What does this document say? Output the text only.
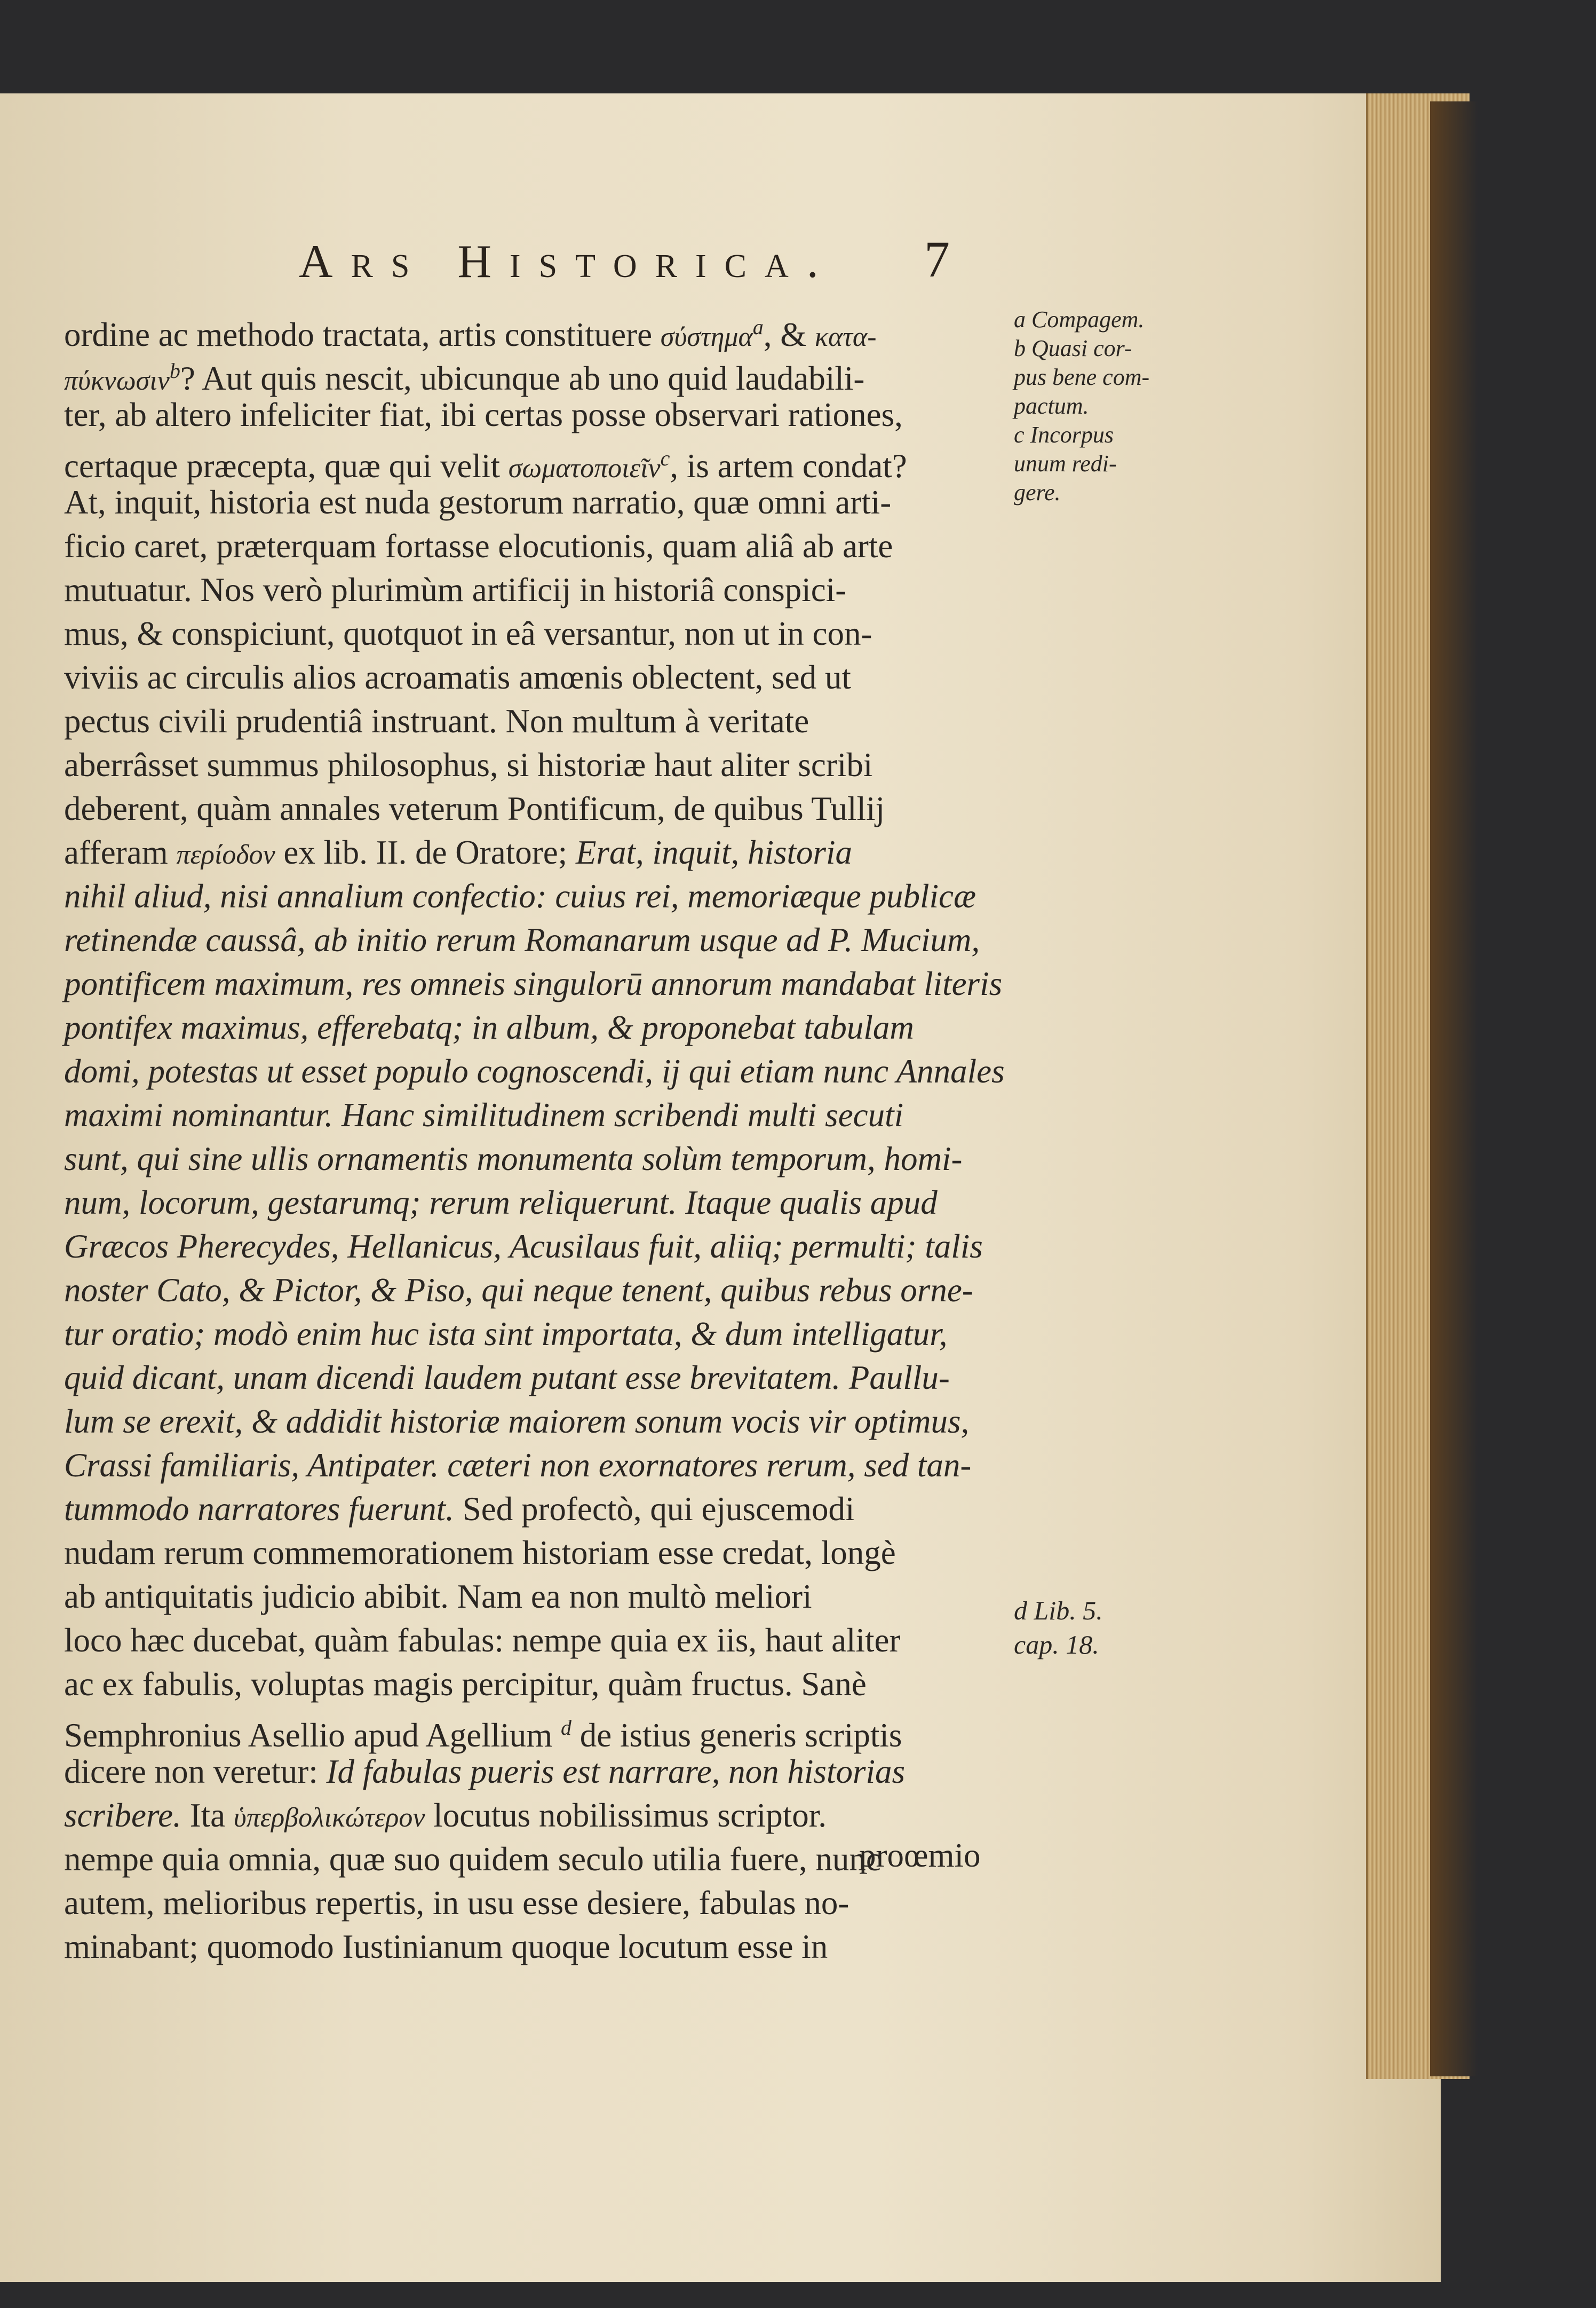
Ars Historica. 7
ordine ac methodo tractata, artis constituere σύστημα$^a$, & κατα-
πύκνωσιν$^b$? Aut quis nescit, ubicunque ab uno quid laudabili-
ter, ab altero infeliciter fiat, ibi certas posse observari rationes,
certaque præcepta, quæ qui velit σωματοποιεῖν$^c$, is artem condat?
At, inquit, historia est nuda gestorum narratio, quæ omni arti-
ficio caret, præterquam fortasse elocutionis, quam aliâ ab arte
mutuatur. Nos verò plurimùm artificij in historiâ conspici-
mus, & conspiciunt, quotquot in eâ versantur, non ut in con-
viviis ac circulis alios acroamatis amœnis oblectent, sed ut
pectus civili prudentiâ instruant. Non multum à veritate
aberrâsset summus philosophus, si historiæ haut aliter scribi
deberent, quàm annales veterum Pontificum, de quibus Tullij
afferam περίοδον ex lib. II. de Oratore; Erat, inquit, historia
nihil aliud, nisi annalium confectio: cuius rei, memoriæque publicæ
retinendæ caussâ, ab initio rerum Romanarum usque ad P. Mucium,
pontificem maximum, res omneis singulorū annorum mandabat literis
pontifex maximus, efferebatq; in album, & proponebat tabulam
domi, potestas ut esset populo cognoscendi, ij qui etiam nunc Annales
maximi nominantur. Hanc similitudinem scribendi multi secuti
sunt, qui sine ullis ornamentis monumenta solùm temporum, homi-
num, locorum, gestarumq; rerum reliquerunt. Itaque qualis apud
Græcos Pherecydes, Hellanicus, Acusilaus fuit, aliiq; permulti; talis
noster Cato, & Pictor, & Piso, qui neque tenent, quibus rebus orne-
tur oratio; modò enim huc ista sint importata, & dum intelligatur,
quid dicant, unam dicendi laudem putant esse brevitatem. Paullu-
lum se erexit, & addidit historiæ maiorem sonum vocis vir optimus,
Crassi familiaris, Antipater. cæteri non exornatores rerum, sed tan-
tummodo narratores fuerunt. Sed profectò, qui ejuscemodi
nudam rerum commemorationem historiam esse credat, longè
ab antiquitatis judicio abibit. Nam ea non multò meliori
loco hæc ducebat, quàm fabulas: nempe quia ex iis, haut aliter
ac ex fabulis, voluptas magis percipitur, quàm fructus. Sanè
Semphronius Asellio apud Agellium $^d$ de istius generis scriptis
dicere non veretur: Id fabulas pueris est narrare, non historias
scribere. Ita ὑπερβολικώτερον locutus nobilissimus scriptor.
nempe quia omnia, quæ suo quidem seculo utilia fuere, nunc
autem, melioribus repertis, in usu esse desiere, fabulas no-
minabant; quomodo Iustinianum quoque locutum esse in
a Compagem.
b Quasi cor-
pus bene com-
pactum.
c Incorpus
unum redi-
gere.
d Lib. 5.
cap. 18.
proœmio
